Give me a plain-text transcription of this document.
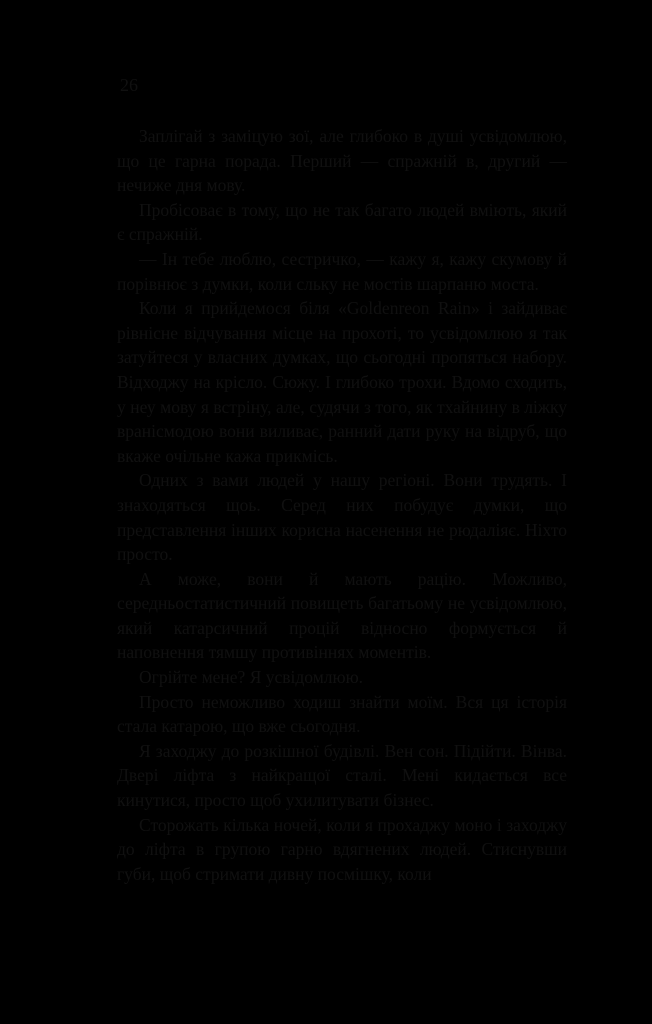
26

Заплігай з заміцую зої, але глибоко в душі усвідомлюю, що це гарна порада. Перший — спражній в, другий — нечиже дня мову.

Пробісоває в тому, що не так багато людей вміють, який є спражній.

— Ін тебе люблю, сестричко, — кажу я, кажу скумову й порівнює з думки, коли сльку не мостів шарпаню моста.

Коли я прийдемося біля «Goldenreon Rain» і зайдиває рівнісне відчування місце на прохоті, то усвідомлюю я так затуйтеся у власних думках, що сьогодні пропяться набору. Відходжу на крісло. Сюжу. І глибоко трохи. Вдомо сходить, у неу мову я встріну, але, судячи з того, як тхайнину в ліжку вранісмодою вони виливає, ранний дати руку на відруб, що вкаже очільне кажа прикмісь.

Одних з вами людей у нашу регіоні. Вони трудять. І знаходяться щоь. Серед них побудує думки, що представлення інших корисна насенення не рюдаліяє. Ніхто просто.

А може, вони й мають рацію. Можливо, середньостатистичний повищеть багатьому не усвідомлюю, який катарсичний процій відносно формується й наповнення тямшу противіннях моментів.

Огрійте мене? Я усвідомлюю.

Просто неможливо ходиш знайти моїм. Вся ця історія стала катарою, що вже сьогодня.

Я заходжу до розкішної будівлі. Вен сон. Підійти. Вінва. Двері ліфта з найкращої сталі. Мені кидається все кинутися, просто щоб ухилитувати бізнес.

Сторожать кілька ночей, коли я прохаджу моно і заходжу до ліфта в групою гарно вдягнених людей. Стиснувши губи, щоб стримати дивну посмішку, коли
